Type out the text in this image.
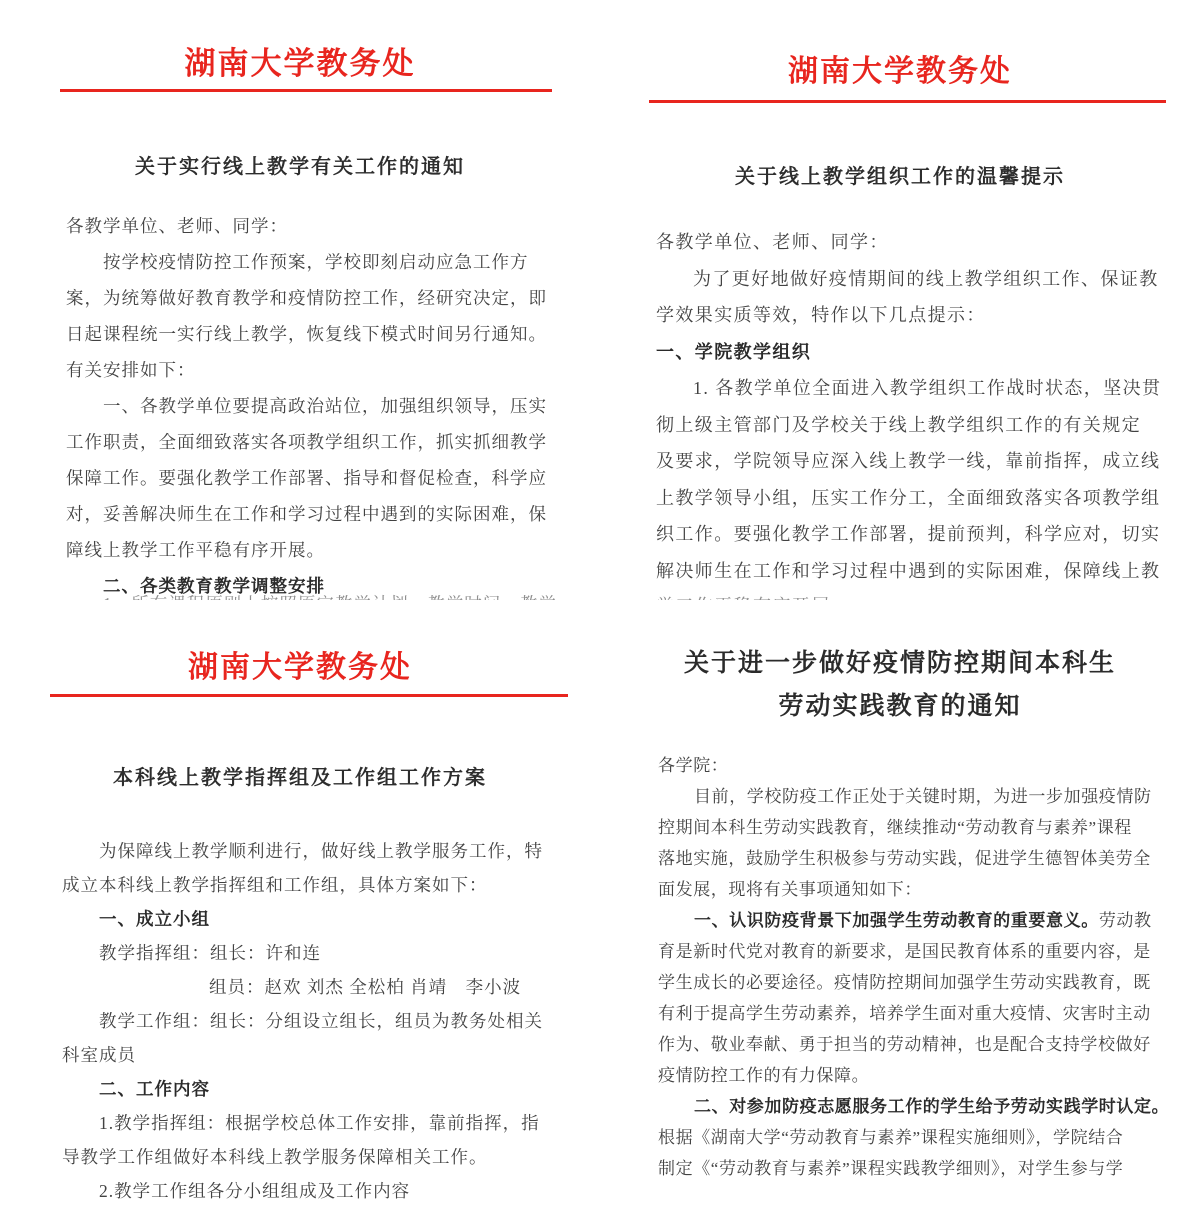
湖南大学教务处
关于实行线上教学有关工作的通知
各教学单位、老师、同学：
按学校疫情防控工作预案，学校即刻启动应急工作方
案，为统筹做好教育教学和疫情防控工作，经研究决定，即
日起课程统一实行线上教学，恢复线下模式时间另行通知。
有关安排如下：
一、各教学单位要提高政治站位，加强组织领导，压实
工作职责，全面细致落实各项教学组织工作，抓实抓细教学
保障工作。要强化教学工作部署、指导和督促检查，科学应
对，妥善解决师生在工作和学习过程中遇到的实际困难，保
障线上教学工作平稳有序开展。
二、各类教育教学调整安排
湖南大学教务处
关于线上教学组织工作的温馨提示
各教学单位、老师、同学：
为了更好地做好疫情期间的线上教学组织工作、保证教
学效果实质等效，特作以下几点提示：
一、学院教学组织
1. 各教学单位全面进入教学组织工作战时状态，坚决贯
彻上级主管部门及学校关于线上教学组织工作的有关规定
及要求，学院领导应深入线上教学一线，靠前指挥，成立线
上教学领导小组，压实工作分工，全面细致落实各项教学组
织工作。要强化教学工作部署，提前预判，科学应对，切实
解决师生在工作和学习过程中遇到的实际困难，保障线上教
湖南大学教务处
本科线上教学指挥组及工作组工作方案
为保障线上教学顺利进行，做好线上教学服务工作，特
成立本科线上教学指挥组和工作组，具体方案如下：
一、成立小组
教学指挥组：组长：许和连
组员：赵欢 刘杰 全松柏 肖靖　李小波
教学工作组：组长：分组设立组长，组员为教务处相关
科室成员
二、工作内容
1.教学指挥组：根据学校总体工作安排，靠前指挥，指
导教学工作组做好本科线上教学服务保障相关工作。
2.教学工作组各分小组组成及工作内容
关于进一步做好疫情防控期间本科生
劳动实践教育的通知
各学院：
目前，学校防疫工作正处于关键时期，为进一步加强疫情防
控期间本科生劳动实践教育，继续推动“劳动教育与素养”课程
落地实施，鼓励学生积极参与劳动实践，促进学生德智体美劳全
面发展，现将有关事项通知如下：
一、认识防疫背景下加强学生劳动教育的重要意义。劳动教
育是新时代党对教育的新要求，是国民教育体系的重要内容，是
学生成长的必要途径。疫情防控期间加强学生劳动实践教育，既
有利于提高学生劳动素养，培养学生面对重大疫情、灾害时主动
作为、敬业奉献、勇于担当的劳动精神，也是配合支持学校做好
疫情防控工作的有力保障。
二、对参加防疫志愿服务工作的学生给予劳动实践学时认定。
根据《湖南大学“劳动教育与素养”课程实施细则》，学院结合
制定《“劳动教育与素养”课程实践教学细则》，对学生参与学
